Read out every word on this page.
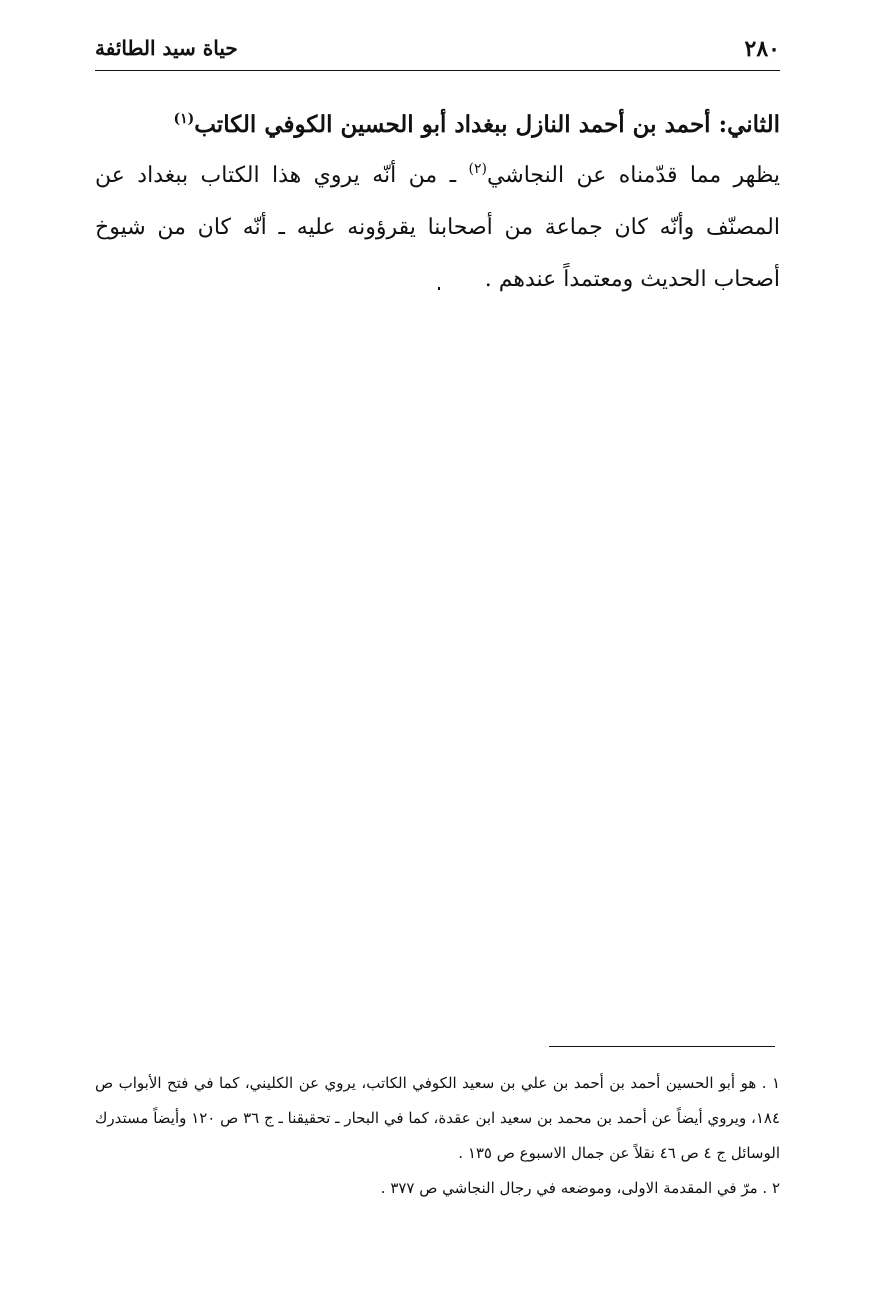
٢٨٠
حياة سيد الطائفة

الثاني: أحمد بن أحمد النازل ببغداد أبو الحسين الكوفي الكاتب$^{(١)}$

يظهر مما قدّمناه عن النجاشي$^{(٢)}$ ـ من أنّه يروي هذا الكتاب ببغداد عن المصنّف وأنّه كان جماعة من أصحابنا يقرؤونه عليه ـ أنّه كان من شيوخ أصحاب الحديث ومعتمداً عندهم .

١ . هو أبو الحسين أحمد بن أحمد بن علي بن سعيد الكوفي الكاتب، يروي عن الكليني، كما في فتح الأبواب ص ١٨٤، ويروي أيضاً عن أحمد بن محمد بن سعيد ابن عقدة، كما في البحار ـ تحقيقنا ـ ج ٣٦ ص ١٢٠ وأيضاً مستدرك الوسائل ج ٤ ص ٤٦ نقلاً عن جمال الاسبوع ص ١٣٥ .

٢ . مرّ في المقدمة الاولى، وموضعه في رجال النجاشي ص ٣٧٧ .
